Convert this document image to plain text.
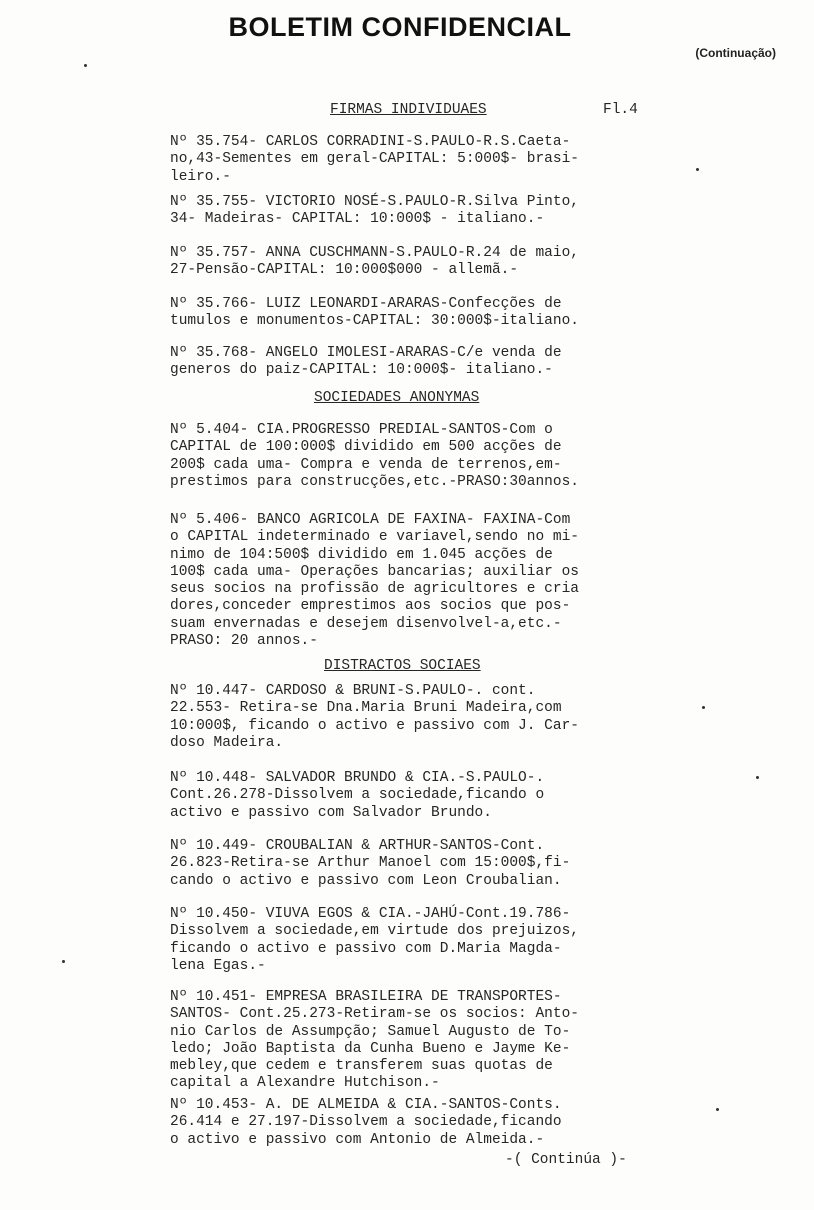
BOLETIM CONFIDENCIAL
(Continuação)
FIRMAS INDIVIDUAES	Fl.4

Nº 35.754- CARLOS CORRADINI-S.PAULO-R.S.Caeta-

no,43-Sementes em geral-CAPITAL: 5:000$- brasi-

leiro.-

Nº 35.755- VICTORIO NOSÉ-S.PAULO-R.Silva Pinto,

34- Madeiras- CAPITAL: 10:000$ - italiano.-

Nº 35.757- ANNA CUSCHMANN-S.PAULO-R.24 de maio,

27-Pensão-CAPITAL: 10:000$000 - allemã.-

Nº 35.766- LUIZ LEONARDI-ARARAS-Confecções de

tumulos e monumentos-CAPITAL: 30:000$-italiano.

Nº 35.768- ANGELO IMOLESI-ARARAS-C/e venda de

generos do paiz-CAPITAL: 10:000$- italiano.-

SOCIEDADES ANONYMAS

Nº 5.404- CIA.PROGRESSO PREDIAL-SANTOS-Com o

CAPITAL de 100:000$ dividido em 500 acções de

200$ cada uma- Compra e venda de terrenos,em-

prestimos para construcções,etc.-PRASO:30annos.

Nº 5.406- BANCO AGRICOLA DE FAXINA- FAXINA-Com

o CAPITAL indeterminado e variavel,sendo no mi-

nimo de 104:500$ dividido em 1.045 acções de

100$ cada uma- Operações bancarias; auxiliar os

seus socios na profissão de agricultores e cria

dores,conceder emprestimos aos socios que pos-

suam envernadas e desejem disenvolvel-a,etc.-

PRASO: 20 annos.-

DISTRACTOS SOCIAES

Nº 10.447- CARDOSO & BRUNI-S.PAULO-. cont.

22.553- Retira-se Dna.Maria Bruni Madeira,com

10:000$, ficando o activo e passivo com J. Car-

doso Madeira.

Nº 10.448- SALVADOR BRUNDO & CIA.-S.PAULO-.

Cont.26.278-Dissolvem a sociedade,ficando o

activo e passivo com Salvador Brundo.

Nº 10.449- CROUBALIAN & ARTHUR-SANTOS-Cont.

26.823-Retira-se Arthur Manoel com 15:000$,fi-

cando o activo e passivo com Leon Croubalian.

Nº 10.450- VIUVA EGOS & CIA.-JAHÚ-Cont.19.786-

Dissolvem a sociedade,em virtude dos prejuizos,

ficando o activo e passivo com D.Maria Magda-

lena Egas.-

Nº 10.451- EMPRESA BRASILEIRA DE TRANSPORTES-

SANTOS- Cont.25.273-Retiram-se os socios: Anto-

nio Carlos de Assumpção; Samuel Augusto de To-

ledo; João Baptista da Cunha Bueno e Jayme Ke-

mebley,que cedem e transferem suas quotas de

capital a Alexandre Hutchison.-

Nº 10.453- A. DE ALMEIDA & CIA.-SANTOS-Conts.

26.414 e 27.197-Dissolvem a sociedade,ficando

o activo e passivo com Antonio de Almeida.-

-( Continúa )-
